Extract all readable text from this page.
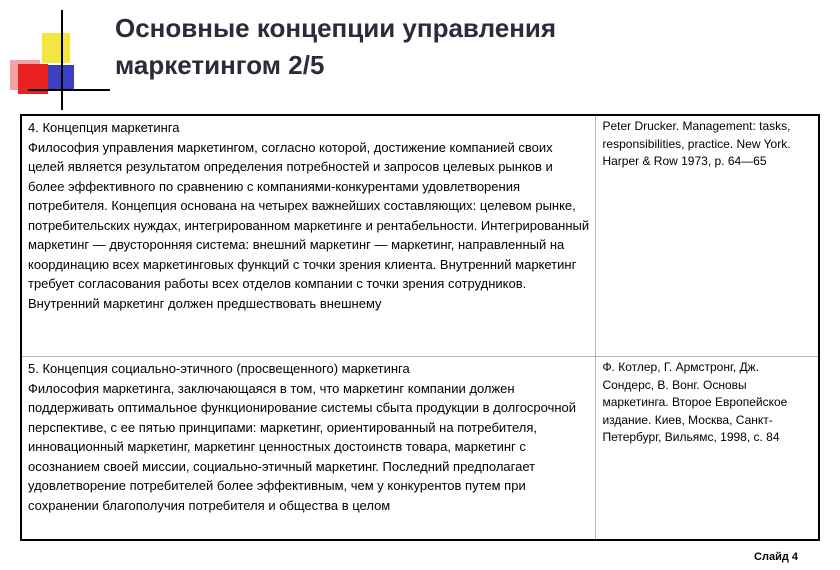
Основные концепции управления
маркетингом 2/5
4. Концепция маркетинга
Философия управления маркетингом, согласно которой, достижение компанией своих целей является результатом определения потребностей и запросов целевых рынков и более эффективного по сравнению с компаниями-конкурентами удовлетворения потребителя. Концепция основана на четырех важнейших составляющих: целевом рынке, потребительских нуждах, интегрированном маркетинге и рентабельности. Интегрированный маркетинг — двусторонняя система: внешний маркетинг — маркетинг, направленный на координацию всех маркетинговых функций с точки зрения клиента. Внутренний маркетинг требует согласования работы всех отделов компании с точки зрения сотрудников. Внутренний маркетинг должен предшествовать внешнему	Peter Drucker. Management: tasks, responsibilities, practice. New York. Harper & Row 1973, p. 64—65

5. Концепция социально-этичного (просвещенного) маркетинга
Философия маркетинга, заключающаяся в том, что маркетинг компании должен поддерживать оптимальное функционирование системы сбыта продукции в долгосрочной перспективе, с ее пятью принципами: маркетинг, ориентированный на потребителя, инновационный маркетинг, маркетинг ценностных достоинств товара, маркетинг с осознанием своей миссии, социально-этичный маркетинг. Последний предполагает удовлетворение потребителей более эффективным, чем у конкурентов путем при сохранении благополучия потребителя и общества в целом	Ф. Котлер, Г. Армстронг, Дж. Сондерс, В. Вонг. Основы маркетинга. Второе Европейское издание. Киев, Москва, Санкт-Петербург, Вильямс, 1998, с. 84
Слайд 4
